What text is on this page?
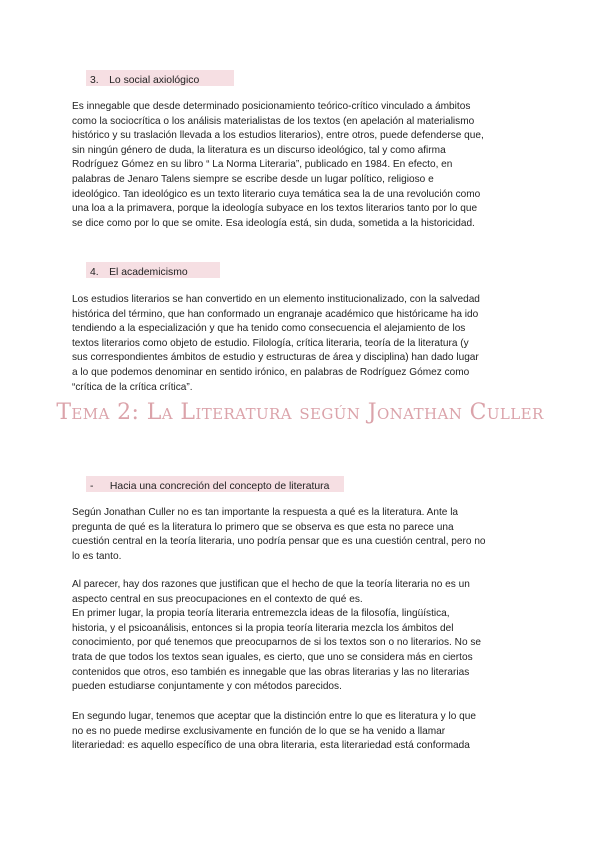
3. Lo social axiológico
Es innegable que desde determinado posicionamiento teórico-crítico vinculado a ámbitos
como la sociocrítica o los análisis materialistas de los textos (en apelación al materialismo
histórico y su traslación llevada a los estudios literarios), entre otros, puede defenderse que,
sin ningún género de duda, la literatura es un discurso ideológico, tal y como afirma
Rodríguez Gómez en su libro “ La Norma Literaria”, publicado en 1984. En efecto, en
palabras de Jenaro Talens siempre se escribe desde un lugar político, religioso e
ideológico. Tan ideológico es un texto literario cuya temática sea la de una revolución como
una loa a la primavera, porque la ideología subyace en los textos literarios tanto por lo que
se dice como por lo que se omite. Esa ideología está, sin duda, sometida a la historicidad.
4. El academicismo
Los estudios literarios se han convertido en un elemento institucionalizado, con la salvedad
histórica del término, que han conformado un engranaje académico que históricame ha ido
tendiendo a la especialización y que ha tenido como consecuencia el alejamiento de los
textos literarios como objeto de estudio. Filología, crítica literaria, teoría de la literatura (y
sus correspondientes ámbitos de estudio y estructuras de área y disciplina) han dado lugar
a lo que podemos denominar en sentido irónico, en palabras de Rodríguez Gómez como
“crítica de la crítica crítica”.
Tema 2: La Literatura según Jonathan Culler
- Hacia una concreción del concepto de literatura
Según Jonathan Culler no es tan importante la respuesta a qué es la literatura. Ante la
pregunta de qué es la literatura lo primero que se observa es que esta no parece una
cuestión central en la teoría literaria, uno podría pensar que es una cuestión central, pero no
lo es tanto.
Al parecer, hay dos razones que justifican que el hecho de que la teoría literaria no es un
aspecto central en sus preocupaciones en el contexto de qué es.
En primer lugar, la propia teoría literaria entremezcla ideas de la filosofía, lingüística,
historia, y el psicoanálisis, entonces si la propia teoría literaria mezcla los ámbitos del
conocimiento, por qué tenemos que preocuparnos de si los textos son o no literarios. No se
trata de que todos los textos sean iguales, es cierto, que uno se considera más en ciertos
contenidos que otros, eso también es innegable que las obras literarias y las no literarias
pueden estudiarse conjuntamente y con métodos parecidos.
En segundo lugar, tenemos que aceptar que la distinción entre lo que es literatura y lo que
no es no puede medirse exclusivamente en función de lo que se ha venido a llamar
literariedad: es aquello específico de una obra literaria, esta literariedad está conformada
